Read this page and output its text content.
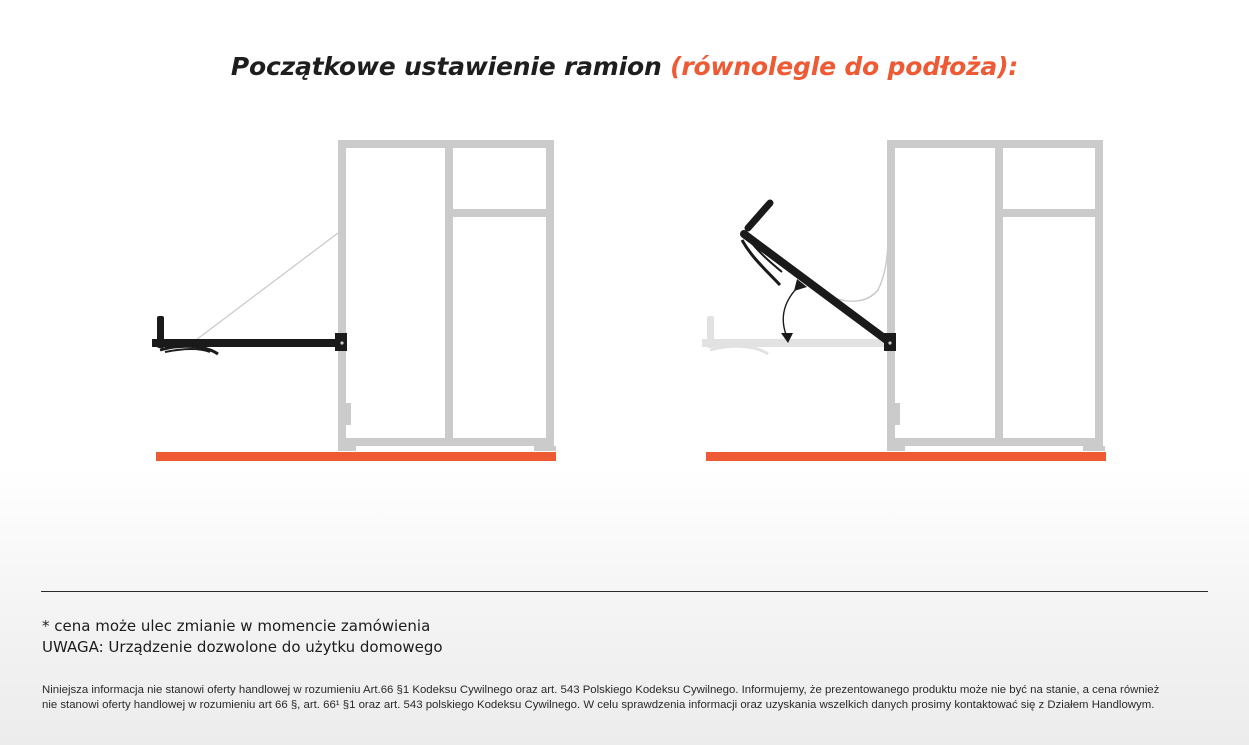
Początkowe ustawienie ramion (równolegle do podłoża):
* cena może ulec zmianie w momencie zamówienia
UWAGA: Urządzenie dozwolone do użytku domowego

Niniejsza informacja nie stanowi oferty handlowej w rozumieniu Art.66 §1 Kodeksu Cywilnego oraz art. 543 Polskiego Kodeksu Cywilnego. Informujemy, że prezentowanego produktu może nie być na stanie, a cena również
nie stanowi oferty handlowej w rozumieniu art 66 §, art. 66¹ §1 oraz art. 543 polskiego Kodeksu Cywilnego. W celu sprawdzenia informacji oraz uzyskania wszelkich danych prosimy kontaktować się z Działem Handlowym.
